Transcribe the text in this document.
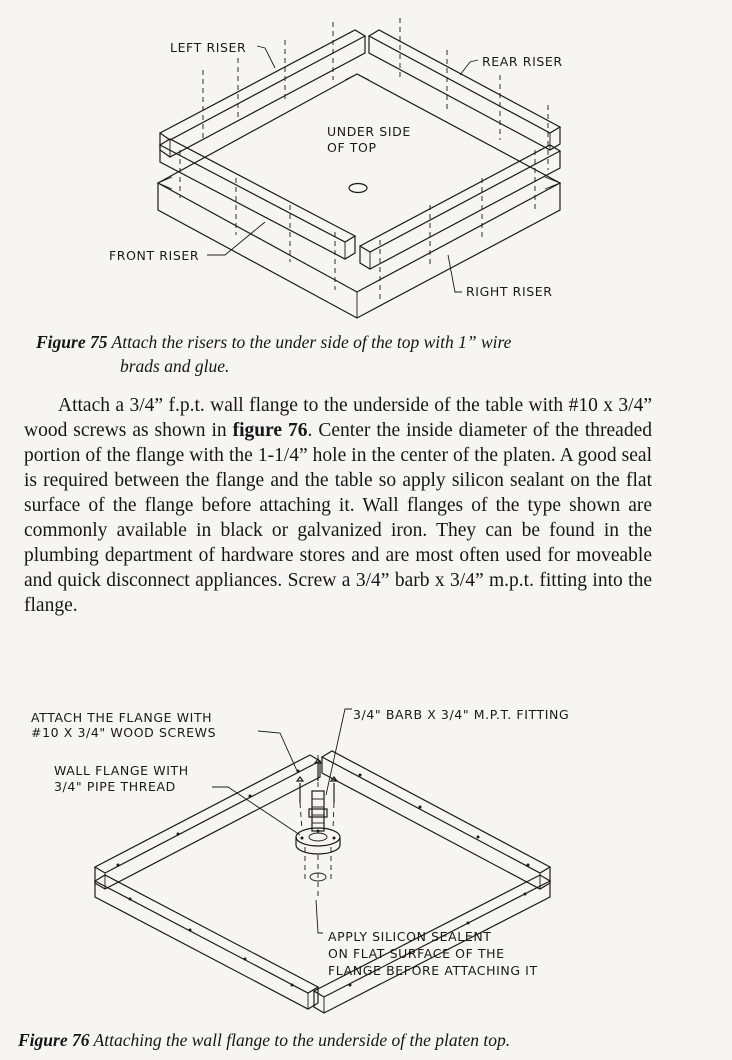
LEFT RISER
REAR RISER
UNDER SIDE
OF TOP
FRONT RISER
RIGHT RISER
Figure 75 Attach the risers to the under side of the top with 1” wire
brads and glue.

Attach a 3/4” f.p.t. wall flange to the underside of the table with #10 x 3/4” wood screws as shown in figure 76. Center the inside diameter of the threaded portion of the flange with the 1-1/4” hole in the center of the platen. A good seal is required between the flange and the table so apply silicon sealant on the flat surface of the flange before attaching it. Wall flanges of the type shown are commonly available in black or galvanized iron. They can be found in the plumbing department of hardware stores and are most often used for moveable and quick disconnect appliances. Screw a 3/4” barb x 3/4” m.p.t. fitting into the flange.

ATTACH THE FLANGE WITH
#10 X 3/4" WOOD SCREWS
3/4" BARB X 3/4" M.P.T. FITTING
WALL FLANGE WITH
3/4" PIPE THREAD
APPLY SILICON SEALENT
ON FLAT SURFACE OF THE
FLANGE BEFORE ATTACHING IT
Figure 76 Attaching the wall flange to the underside of the platen top.
